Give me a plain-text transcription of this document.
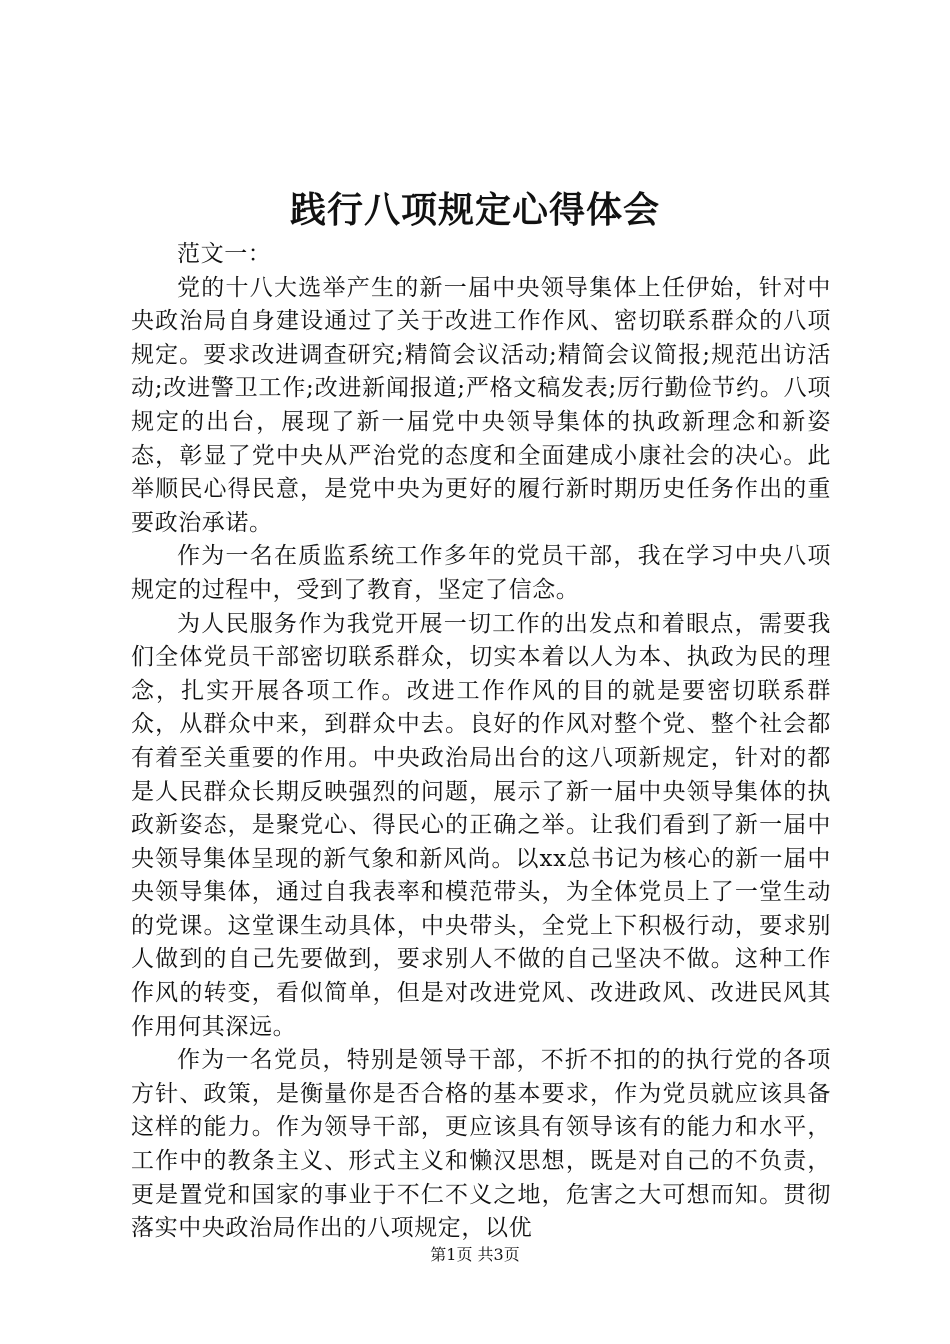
践行八项规定心得体会

范文一：

党的十八大选举产生的新一届中央领导集体上任伊始，针对中央政治局自身建设通过了关于改进工作作风、密切联系群众的八项规定。要求改进调查研究;精简会议活动;精简会议简报;规范出访活动;改进警卫工作;改进新闻报道;严格文稿发表;厉行勤俭节约。八项规定的出台，展现了新一届党中央领导集体的执政新理念和新姿态，彰显了党中央从严治党的态度和全面建成小康社会的决心。此举顺民心得民意，是党中央为更好的履行新时期历史任务作出的重要政治承诺。

作为一名在质监系统工作多年的党员干部，我在学习中央八项规定的过程中，受到了教育，坚定了信念。

为人民服务作为我党开展一切工作的出发点和着眼点，需要我们全体党员干部密切联系群众，切实本着以人为本、执政为民的理念，扎实开展各项工作。改进工作作风的目的就是要密切联系群众，从群众中来，到群众中去。良好的作风对整个党、整个社会都有着至关重要的作用。中央政治局出台的这八项新规定，针对的都是人民群众长期反映强烈的问题，展示了新一届中央领导集体的执政新姿态，是聚党心、得民心的正确之举。让我们看到了新一届中央领导集体呈现的新气象和新风尚。以xx总书记为核心的新一届中央领导集体，通过自我表率和模范带头，为全体党员上了一堂生动的党课。这堂课生动具体，中央带头，全党上下积极行动，要求别人做到的自己先要做到，要求别人不做的自己坚决不做。这种工作作风的转变，看似简单，但是对改进党风、改进政风、改进民风其作用何其深远。

作为一名党员，特别是领导干部，不折不扣的的执行党的各项方针、政策，是衡量你是否合格的基本要求，作为党员就应该具备这样的能力。作为领导干部，更应该具有领导该有的能力和水平，工作中的教条主义、形式主义和懒汉思想，既是对自己的不负责，更是置党和国家的事业于不仁不义之地，危害之大可想而知。贯彻落实中央政治局作出的八项规定，以优

第1页 共3页
